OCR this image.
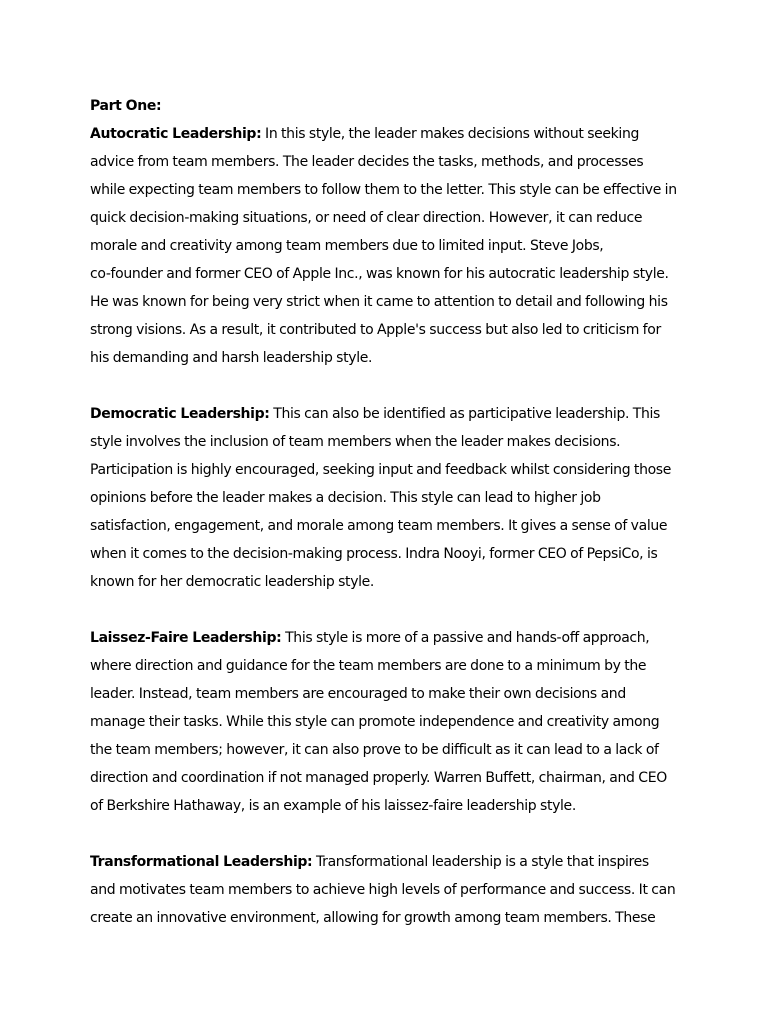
Part One:
Autocratic Leadership: In this style, the leader makes decisions without seeking
advice from team members. The leader decides the tasks, methods, and processes
while expecting team members to follow them to the letter. This style can be effective in
quick decision-making situations, or need of clear direction. However, it can reduce
morale and creativity among team members due to limited input. Steve Jobs,
co-founder and former CEO of Apple Inc., was known for his autocratic leadership style.
He was known for being very strict when it came to attention to detail and following his
strong visions. As a result, it contributed to Apple's success but also led to criticism for
his demanding and harsh leadership style.
Democratic Leadership: This can also be identified as participative leadership. This
style involves the inclusion of team members when the leader makes decisions.
Participation is highly encouraged, seeking input and feedback whilst considering those
opinions before the leader makes a decision. This style can lead to higher job
satisfaction, engagement, and morale among team members. It gives a sense of value
when it comes to the decision-making process. Indra Nooyi, former CEO of PepsiCo, is
known for her democratic leadership style.
Laissez-Faire Leadership: This style is more of a passive and hands-off approach,
where direction and guidance for the team members are done to a minimum by the
leader. Instead, team members are encouraged to make their own decisions and
manage their tasks. While this style can promote independence and creativity among
the team members; however, it can also prove to be difficult as it can lead to a lack of
direction and coordination if not managed properly. Warren Buffett, chairman, and CEO
of Berkshire Hathaway, is an example of his laissez-faire leadership style.
Transformational Leadership: Transformational leadership is a style that inspires
and motivates team members to achieve high levels of performance and success. It can
create an innovative environment, allowing for growth among team members. These
